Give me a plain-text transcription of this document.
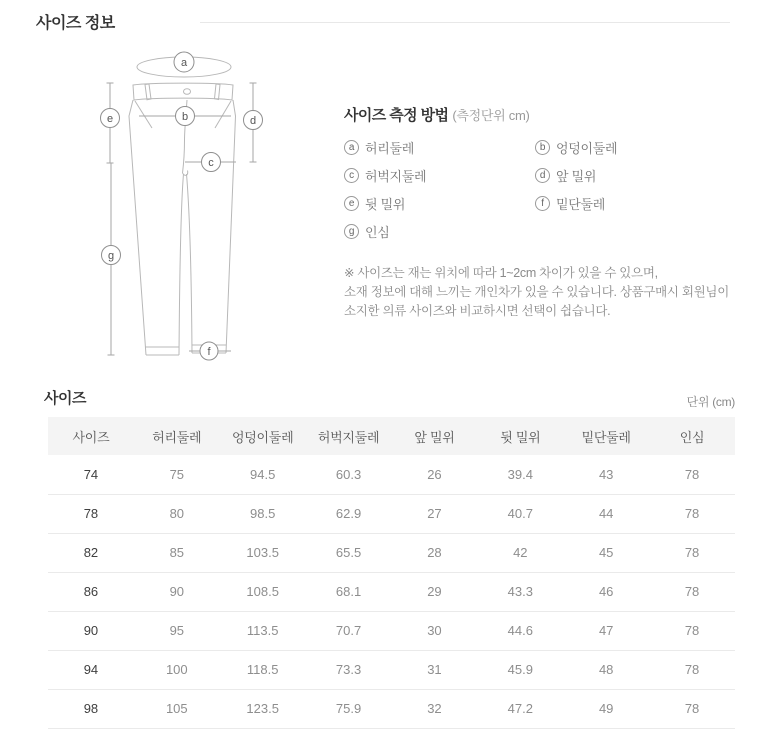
사이즈 정보
a
b
c
d
e
f
g
사이즈 측정 방법 (측정단위 cm)
a 허리둘레	b 엉덩이둘레
c 허벅지둘레	d 앞 밀위
e 뒷 밀위	f 밑단둘레
g 인심
※ 사이즈는 재는 위치에 따라 1~2cm 차이가 있을 수 있으며,
소재 정보에 대해 느끼는 개인차가 있을 수 있습니다. 상품구매시 회원님이
소지한 의류 사이즈와 비교하시면 선택이 쉽습니다.
사이즈	단위 (cm)
사이즈	허리둘레	엉덩이둘레	허벅지둘레	앞 밀위	뒷 밀위	밑단둘레	인심
74	75	94.5	60.3	26	39.4	43	78
78	80	98.5	62.9	27	40.7	44	78
82	85	103.5	65.5	28	42	45	78
86	90	108.5	68.1	29	43.3	46	78
90	95	113.5	70.7	30	44.6	47	78
94	100	118.5	73.3	31	45.9	48	78
98	105	123.5	75.9	32	47.2	49	78
